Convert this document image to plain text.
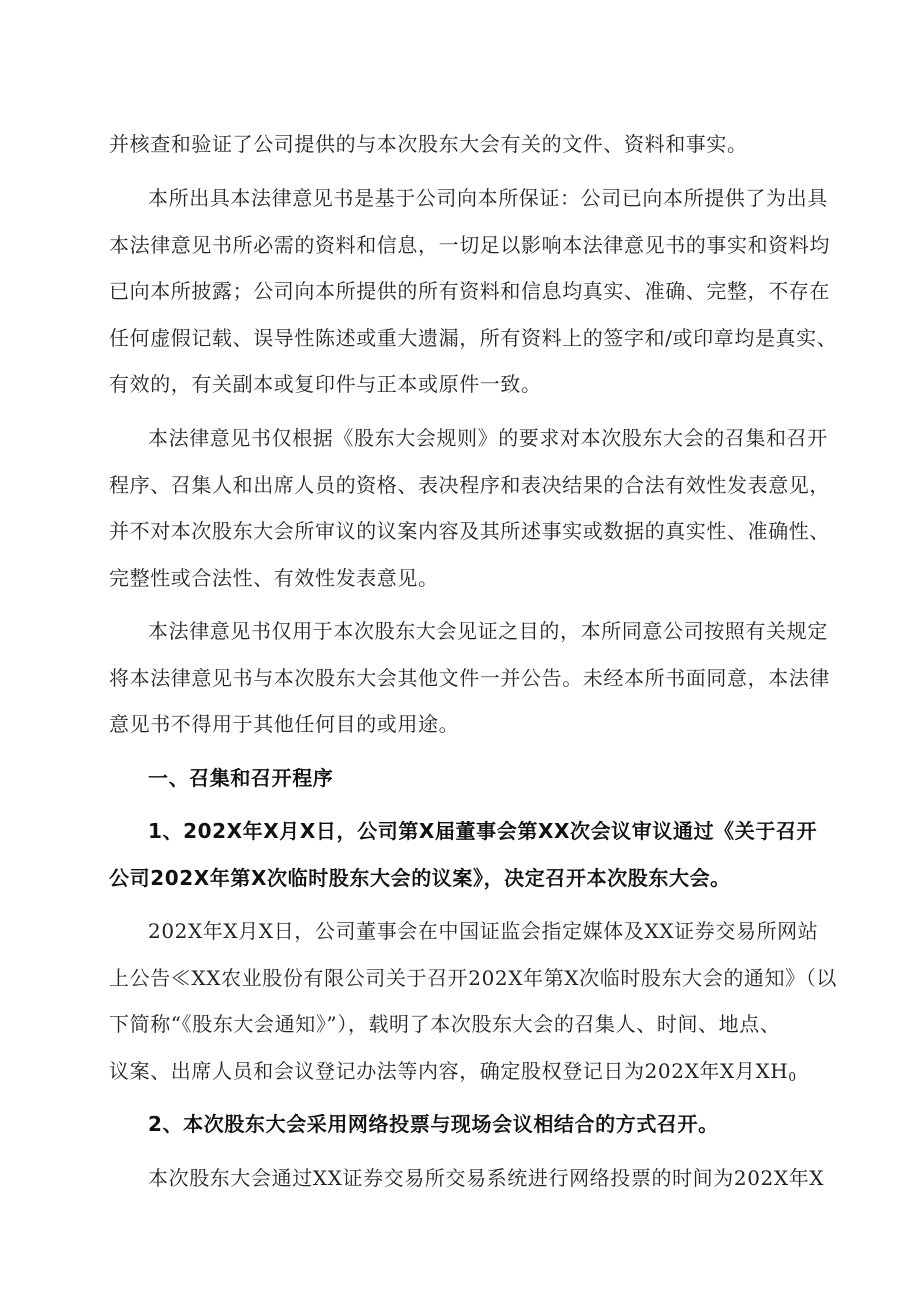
并核查和验证了公司提供的与本次股东大会有关的文件、资料和事实。

本所出具本法律意见书是基于公司向本所保证：公司已向本所提供了为出具

本法律意见书所必需的资料和信息，一切足以影响本法律意见书的事实和资料均

已向本所披露；公司向本所提供的所有资料和信息均真实、准确、完整，不存在

任何虚假记载、误导性陈述或重大遗漏，所有资料上的签字和/或印章均是真实、

有效的，有关副本或复印件与正本或原件一致。

本法律意见书仅根据《股东大会规则》的要求对本次股东大会的召集和召开

程序、召集人和出席人员的资格、表决程序和表决结果的合法有效性发表意见，

并不对本次股东大会所审议的议案内容及其所述事实或数据的真实性、准确性、

完整性或合法性、有效性发表意见。

本法律意见书仅用于本次股东大会见证之目的，本所同意公司按照有关规定

将本法律意见书与本次股东大会其他文件一并公告。未经本所书面同意，本法律

意见书不得用于其他任何目的或用途。

一、召集和召开程序

1、202X年X月X日，公司第X届董事会第XX次会议审议通过《关于召开

公司202X年第X次临时股东大会的议案》，决定召开本次股东大会。

202X年X月X日，公司董事会在中国证监会指定媒体及XX证券交易所网站

上公告≪XX农业股份有限公司关于召开202X年第X次临时股东大会的通知》（以

下简称“《股东大会通知》”），载明了本次股东大会的召集人、时间、地点、

议案、出席人员和会议登记办法等内容，确定股权登记日为202X年X月$XH_0$

2、本次股东大会采用网络投票与现场会议相结合的方式召开。

本次股东大会通过XX证券交易所交易系统进行网络投票的时间为202X年X
